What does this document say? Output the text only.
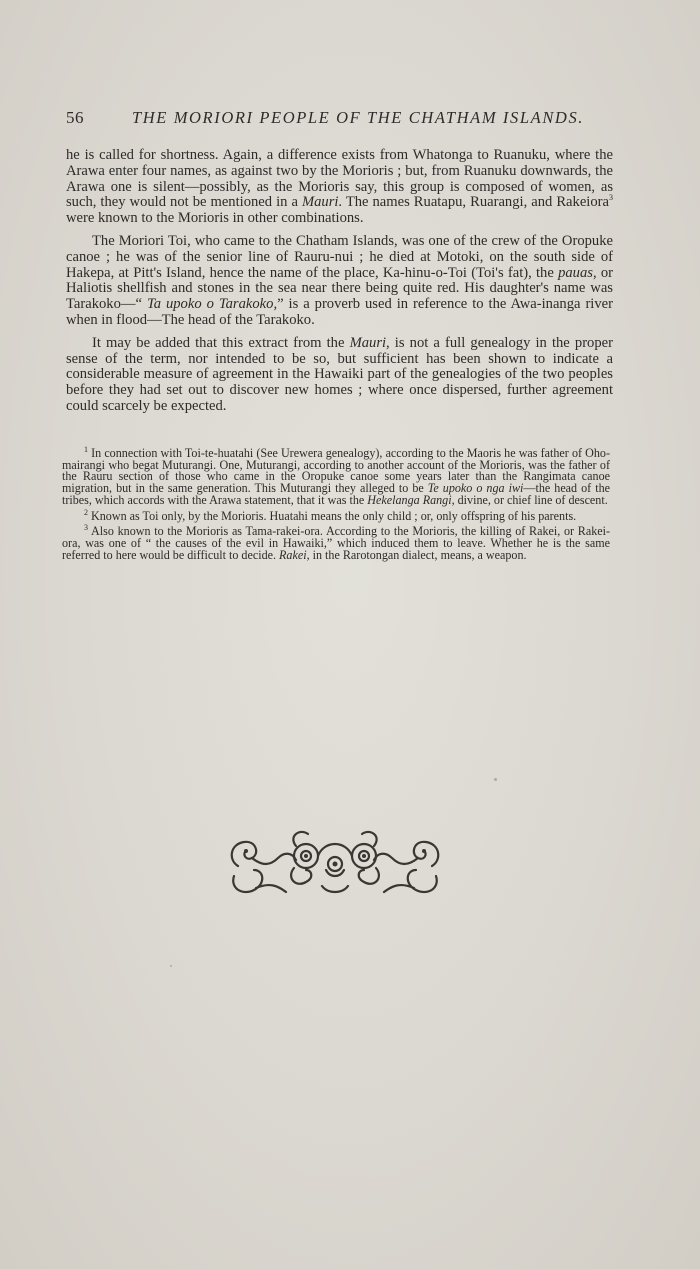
56	THE MORIORI PEOPLE OF THE CHATHAM ISLANDS.

he is called for shortness. Again, a difference exists from Whatonga to Ruanuku, where the Arawa enter four names, as against two by the Morioris ; but, from Ruanuku downwards, the Arawa one is silent—possibly, as the Morioris say, this group is composed of women, as such, they would not be mentioned in a Mauri. The names Ruatapu, Ruarangi, and Rakeiora$^3$ were known to the Morioris in other combinations.

The Moriori Toi, who came to the Chatham Islands, was one of the crew of the Oropuke canoe ; he was of the senior line of Rauru-nui ; he died at Motoki, on the south side of Hakepa, at Pitt's Island, hence the name of the place, Ka-hinu-o-Toi (Toi's fat), the pauas, or Haliotis shellfish and stones in the sea near there being quite red. His daughter's name was Tarakoko—“ Ta upoko o Tarakoko,” is a proverb used in reference to the Awa-inanga river when in flood—The head of the Tarakoko.

It may be added that this extract from the Mauri, is not a full genealogy in the proper sense of the term, nor intended to be so, but sufficient has been shown to indicate a considerable measure of agreement in the Hawaiki part of the genealogies of the two peoples before they had set out to discover new homes ; where once dispersed, further agreement could scarcely be expected.

$^1$ In connection with Toi-te-huatahi (See Urewera genealogy), according to the Maoris he was father of Oho-mairangi who begat Muturangi. One, Muturangi, according to another account of the Morioris, was the father of the Rauru section of those who came in the Oropuke canoe some years later than the Rangimata canoe migration, but in the same generation. This Muturangi they alleged to be Te upoko o nga iwi—the head of the tribes, which accords with the Arawa statement, that it was the Hekelanga Rangi, divine, or chief line of descent.

$^2$ Known as Toi only, by the Morioris. Huatahi means the only child ; or, only offspring of his parents.

$^3$ Also known to the Morioris as Tama-rakei-ora. According to the Morioris, the killing of Rakei, or Rakei-ora, was one of “ the causes of the evil in Hawaiki,” which induced them to leave. Whether he is the same referred to here would be difficult to decide. Rakei, in the Rarotongan dialect, means, a weapon.
